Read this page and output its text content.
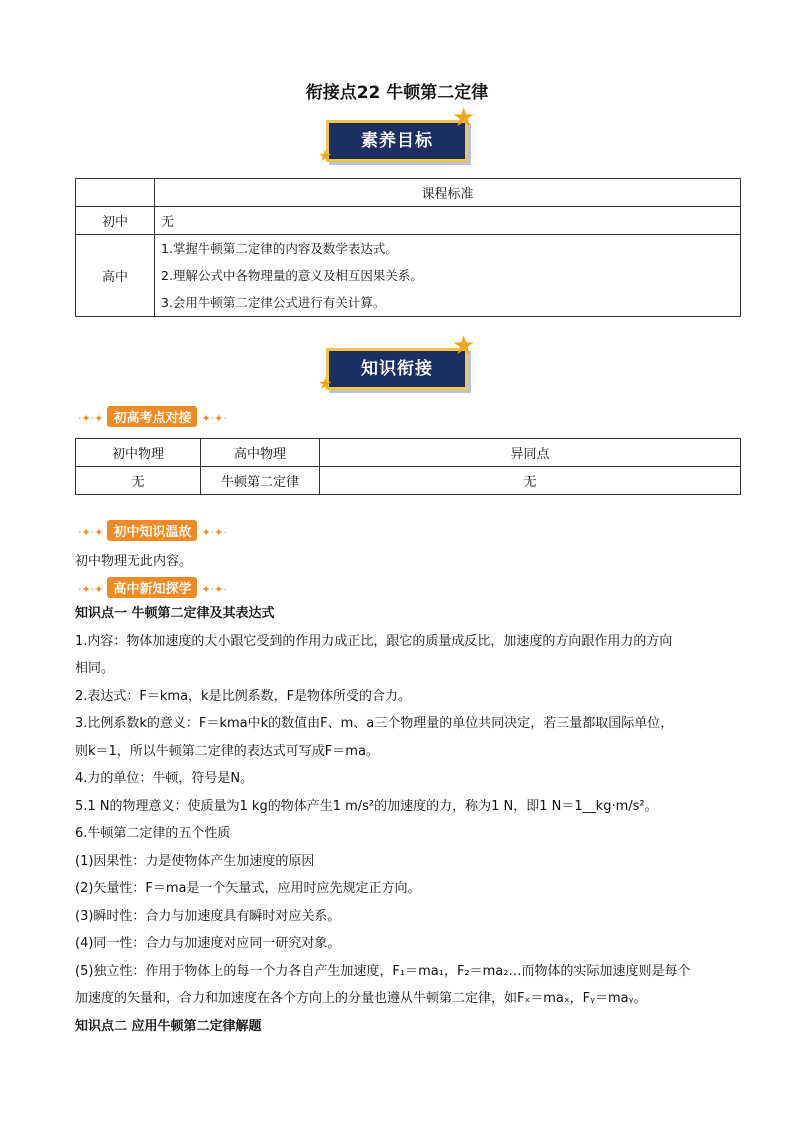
衔接点22 牛顿第二定律
素养目标
★
★
	课程标准
初中	无
高中	1.掌握牛顿第二定律的内容及数学表达式。
2.理解公式中各物理量的意义及相互因果关系。
3.会用牛顿第二定律公式进行有关计算。
知识衔接
★
★
·✦·✦ 初高考点对接 ✦·✦·
初中物理	高中物理	异同点
无	牛顿第二定律	无
·✦·✦ 初中知识温故 ✦·✦·
初中物理无此内容。
·✦·✦ 高中新知探学 ✦·✦·

知识点一 牛顿第二定律及其表达式

1.内容：物体加速度的大小跟它受到的作用力成正比，跟它的质量成反比，加速度的方向跟作用力的方向

相同。

2.表达式：F＝kma，k是比例系数，F是物体所受的合力。

3.比例系数k的意义：F＝kma中k的数值由F、m、a三个物理量的单位共同决定，若三量都取国际单位，

则k＝1，所以牛顿第二定律的表达式可写成F＝ma。

4.力的单位：牛顿，符号是N。

5.1 N的物理意义：使质量为1 kg的物体产生1 m/s²的加速度的力，称为1 N，即1 N＝1__kg·m/s²。

6.牛顿第二定律的五个性质

(1)因果性：力是使物体产生加速度的原因

(2)矢量性：F＝ma是一个矢量式，应用时应先规定正方向。

(3)瞬时性：合力与加速度具有瞬时对应关系。

(4)同一性：合力与加速度对应同一研究对象。

(5)独立性：作用于物体上的每一个力各自产生加速度，F₁＝ma₁，F₂＝ma₂…而物体的实际加速度则是每个

加速度的矢量和，合力和加速度在各个方向上的分量也遵从牛顿第二定律，如Fₓ＝maₓ，Fᵧ＝maᵧ。

知识点二 应用牛顿第二定律解题
